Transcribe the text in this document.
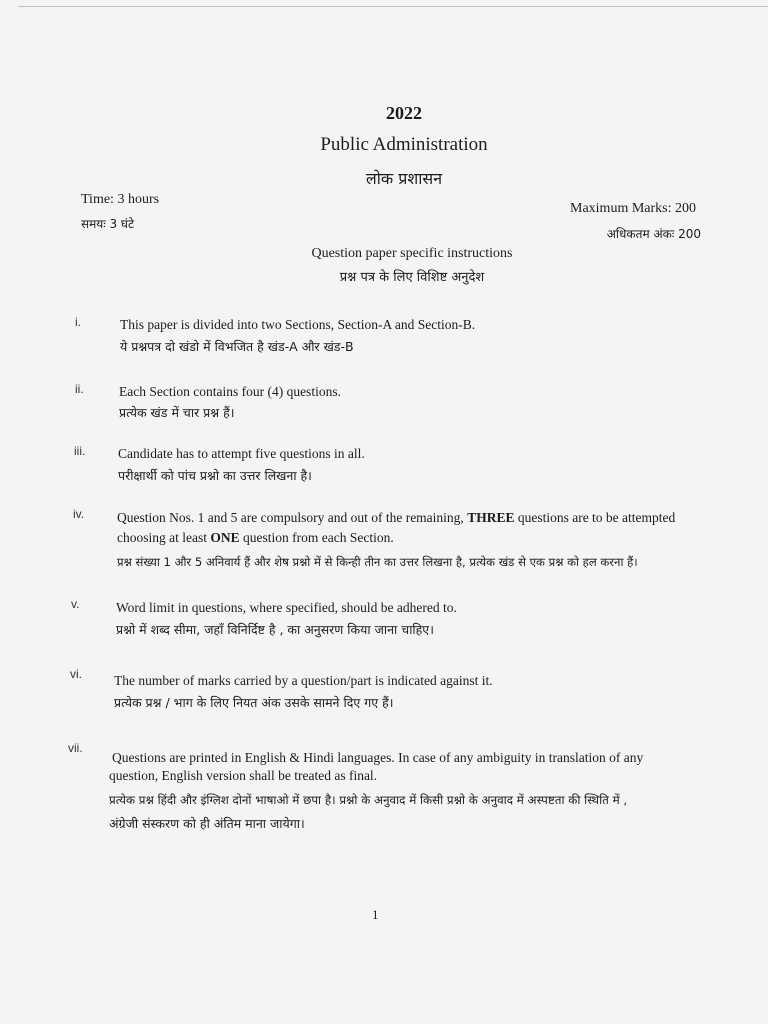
2022
Public Administration
लोक प्रशासन
Time: 3 hours
समयः 3 घंटे
Maximum Marks: 200
अधिकतम अंकः 200
Question paper specific instructions
प्रश्न पत्र के लिए विशिष्ट अनुदेश
i.	This paper is divided into two Sections, Section-A and Section-B.
ये प्रश्नपत्र दो खंडो में विभजित है खंड-A और खंड-B
ii.	Each Section contains four (4) questions.
प्रत्येक खंड में चार प्रश्न हैं।
iii. Candidate has to attempt five questions in all.
परीक्षार्थी को पांच प्रश्नो का उत्तर लिखना है।
iv. Question Nos. 1 and 5 are compulsory and out of the remaining, THREE questions are to be attempted
choosing at least ONE question from each Section.
प्रश्न संख्या 1 और 5 अनिवार्य हैं और शेष प्रश्नो में से किन्ही तीन का उत्तर लिखना है, प्रत्येक खंड से एक प्रश्न को हल करना हैं।
v.	Word limit in questions, where specified, should be adhered to.
प्रश्नो में शब्द सीमा, जहाँ विनिर्दिष्ट है , का अनुसरण किया जाना चाहिए।
vi. The number of marks carried by a question/part is indicated against it.
प्रत्येक प्रश्न / भाग के लिए नियत अंक उसके सामने दिए गए हैं।
vii.
Questions are printed in English & Hindi languages. In case of any ambiguity in translation of any
question, English version shall be treated as final.
प्रत्येक प्रश्न हिंदी और इंग्लिश दोनों भाषाओ में छपा है। प्रश्नो के अनुवाद में किसी प्रश्नो के अनुवाद में अस्पष्टता की स्थिति में ,
अंग्रेजी संस्करण को ही अंतिम माना जायेगा।
1
